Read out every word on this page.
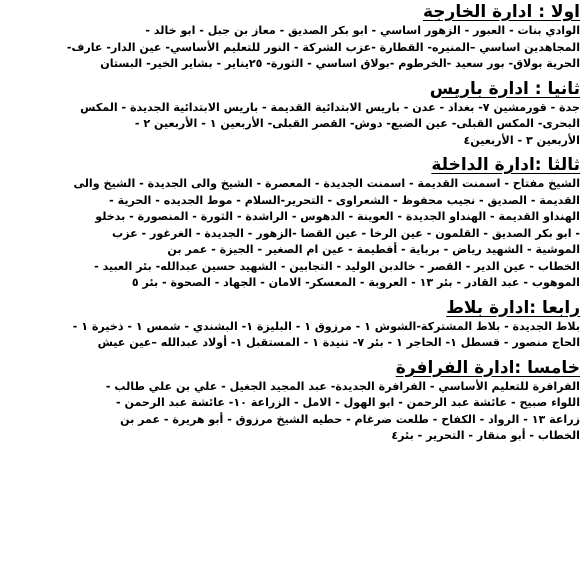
اولا : ادارة الخارجة
الوادي بنات - العبور - الزهور اساسي - ابو بكر الصديق - معاز بن جبل - ابو خالد -
المجاهدين اساسي –المنيره- القطارة -عزب الشركة - النور للتعليم الأساسي- عين الدار- عارف-
الحرية بولاق- بور سعيد -الخرطوم -بولاق اساسي - الثورة- ٢٥يناير - بشاير الخير- البستان
ثانيا : ادارة باريس
جدة - قورمشين ٧- بغداد - عدن - باريس الابتدائية القديمة - باريس الابتدائية الجديدة - المكس
البحرى- المكس القبلى- عين الضبع- دوش- القصر القبلى- الأربعين ١ - الأربعين ٢ -
الأربعين ٣ - الأربعين٤
ثالثا :ادارة الداخلة
الشيخ مفتاح - اسمنت القديمة - اسمنت الجديدة - المعصرة - الشيخ والى الجديدة - الشيخ والى
القديمة - الصديق - نجيب محفوظ - الشعراوى - التحرير-السلام - موط الجديده - الحرية -
الهنداو القديمة - الهنداو الجديدة - العوينة - الدهوس - الراشدة - الثورة - المنصورة - بدخلو
- ابو بكر الصديق - القلمون - عين الرخا - عين القضا -الزهور - الجديدة - الغرغور - عزب
الموشية - الشهيد رياض - برباية - أفطيمة - عين ام الصغير - الجيزة - عمر بن
الخطاب - عين الدير - القصر - خالدبن الوليد - التجابين - الشهيد حسين عبدالله- بئر العبيد -
الموهوب - عبد القادر - بئر ١٣ - العروبة - المعسكر- الامان - الجهاد - الصحوة - بئر ٥
رابعا :ادارة بلاط
بلاط الجديدة - بلاط المشتركة-الشوش ١ - مرزوق ١ - البليزة ١- البشندي - شمس ١ - ذخيرة ١ -
الحاج منصور - قسطل ١- الحاجر ١ - بئر ٧- تنيدة ١ - المستقبل ١- أولاد عبدالله –عين عيش
خامسا :ادارة الفرافرة
الفرافرة للتعليم الأساسي - الفرافرة الجديدة- عبد المجيد الجغيل - علي بن علي طالب -
اللواء صبيح - عائشة عبد الرحمن - ابو الهول - الامل - الزراعة ١٠- عائشة عبد الرحمن -
زراعة ١٣ - الرواد - الكفاح - طلعت ضرغام - حطيه الشيخ مرزوق - أبو هريرة - عمر بن
الخطاب - أبو منقار - التحرير - بئر٤
